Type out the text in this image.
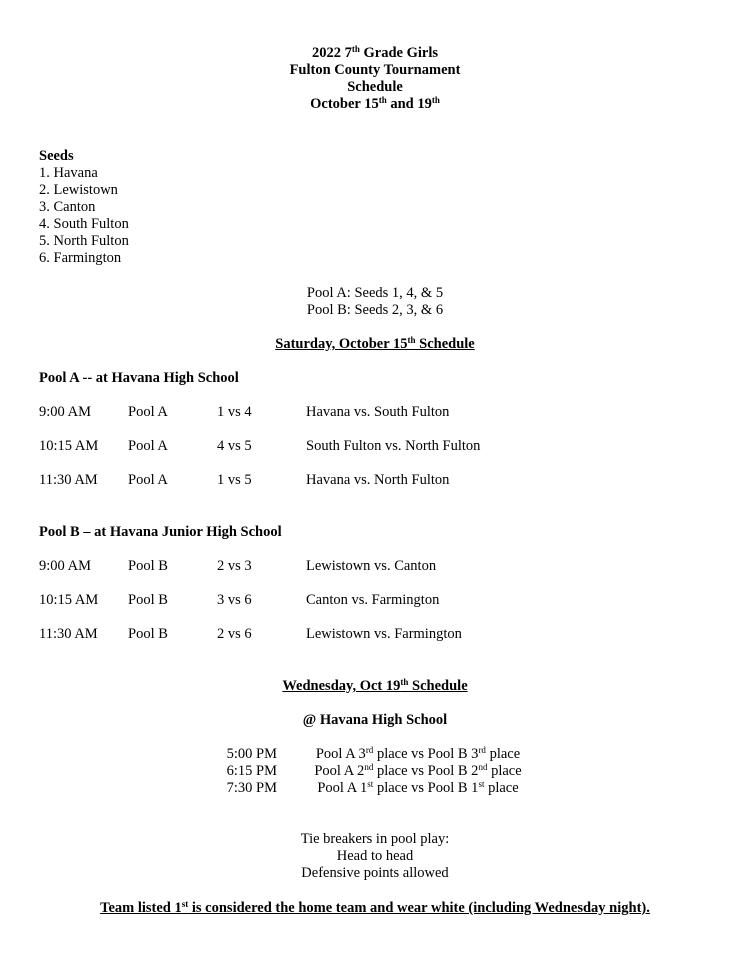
2022 7th Grade Girls
Fulton County Tournament
Schedule
October 15th and 19th
Seeds
1. Havana
2. Lewistown
3. Canton
4. South Fulton
5. North Fulton
6. Farmington
Pool A: Seeds 1, 4, & 5
Pool B: Seeds 2, 3, & 6
Saturday, October 15th Schedule
Pool A -- at Havana High School
9:00 AM	Pool A	1 vs 4	Havana vs. South Fulton
10:15 AM Pool A	4 vs 5	South Fulton vs. North Fulton
11:30 AM Pool A	1 vs 5	Havana vs. North Fulton
Pool B – at Havana Junior High School
9:00 AM	Pool B	2 vs 3	Lewistown vs. Canton
10:15 AM Pool B	3 vs 6	Canton vs. Farmington
11:30 AM Pool B	2 vs 6	Lewistown vs. Farmington
Wednesday, Oct 19th Schedule
@ Havana High School
5:00 PM	Pool A 3rd place vs Pool B 3rd place
6:15 PM	Pool A 2nd place vs Pool B 2nd place
7:30 PM	Pool A 1st place vs Pool B 1st place
Tie breakers in pool play:
Head to head
Defensive points allowed
Team listed 1st is considered the home team and wear white (including Wednesday night).
